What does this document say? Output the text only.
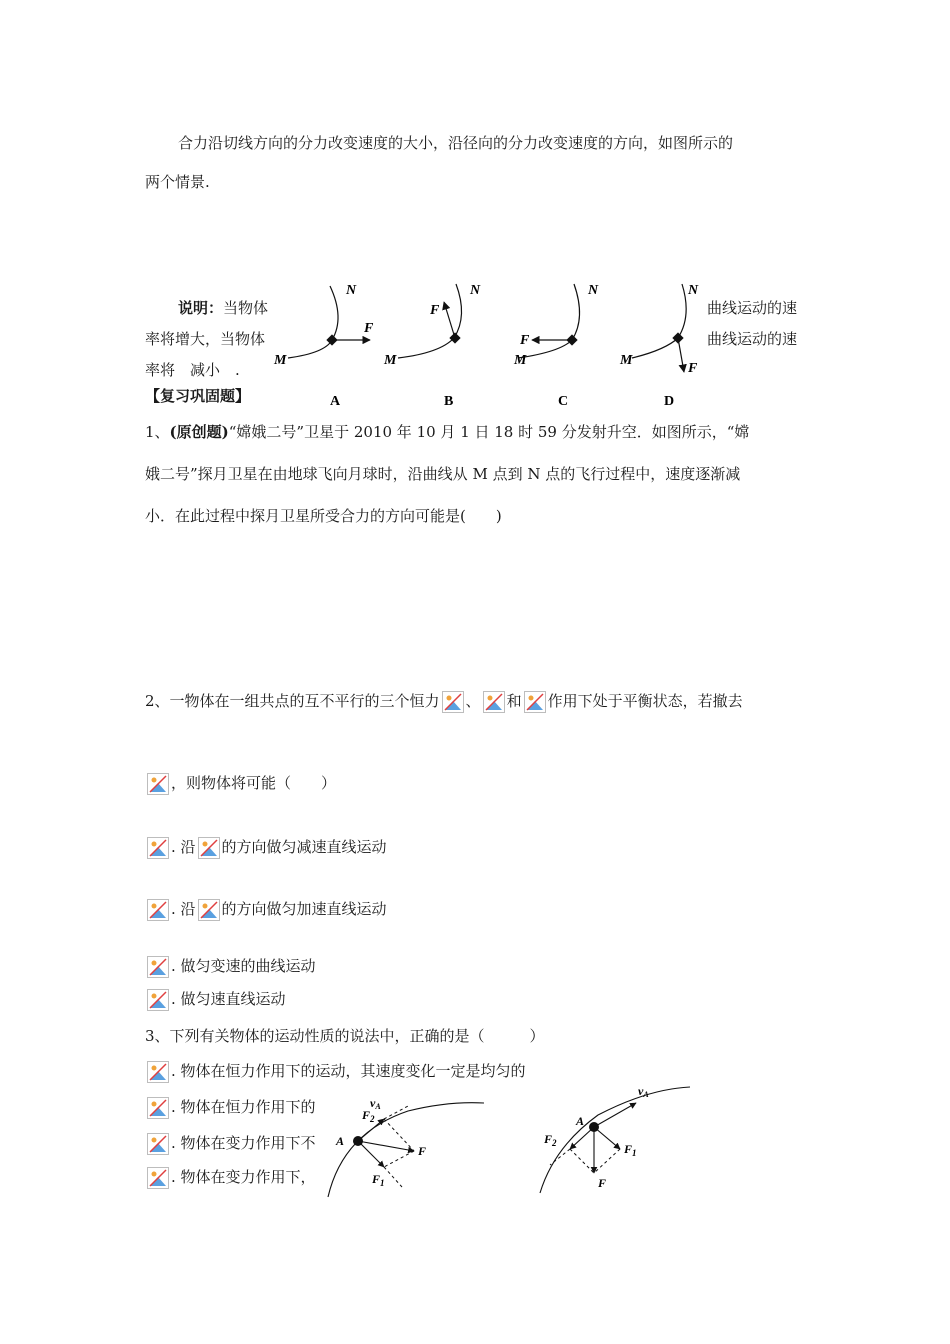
合力沿切线方向的分力改变速度的大小，沿径向的分力改变速度的方向，如图所示的
两个情景.
说明：当物体	曲线运动的速
率将增大，当物体	曲线运动的速
率将　减小　.
M
N
F
A
M
N
F
B
M
N
F
C
M
N
F
D
【复习巩固题】
1、(原创题)“嫦娥二号”卫星于 2010 年 10 月 1 日 18 时 59 分发射升空．如图所示，“嫦
娥二号”探月卫星在由地球飞向月球时，沿曲线从 M 点到 N 点的飞行过程中，速度逐渐减
小．在此过程中探月卫星所受合力的方向可能是(　　)
2、一物体在一组共点的互不平行的三个恒力 、 和 作用下处于平衡状态，若撤去
，则物体将可能（　　）
. 沿 的方向做匀减速直线运动
. 沿 的方向做匀加速直线运动
. 做匀变速的曲线运动
. 做匀速直线运动
3、下列有关物体的运动性质的说法中，正确的是（　　　）
. 物体在恒力作用下的运动，其速度变化一定是均匀的
. 物体在恒力作用下的
. 物体在变力作用下不
. 物体在变力作用下，
A
$F_2$
vA
F
$F_1$
A
vA
$F_2$	$F_1$
F
